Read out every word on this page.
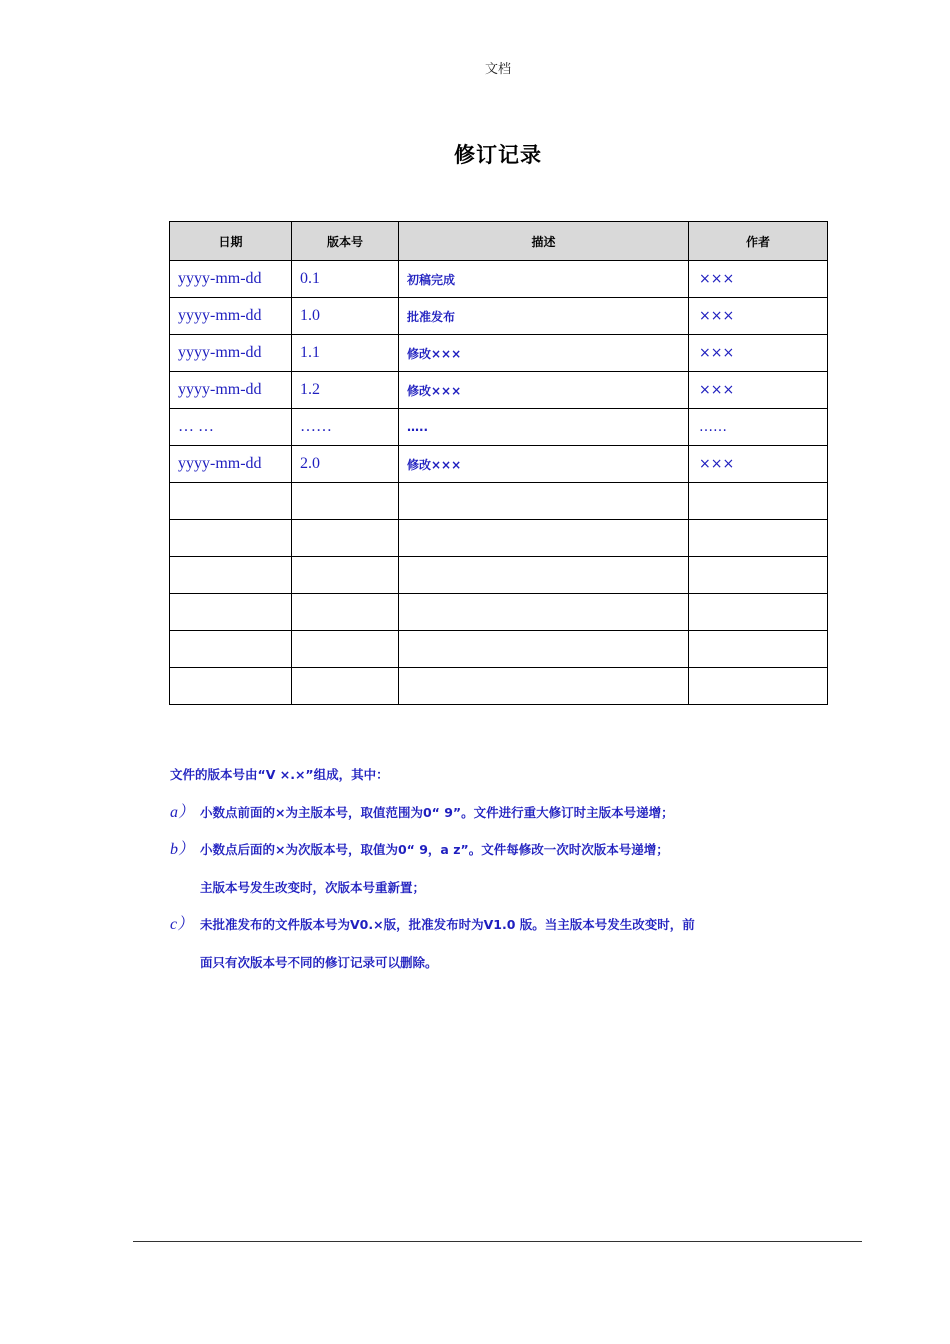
文档
修订记录
日期	版本号	描述	作者
yyyy-mm-dd	0.1	初稿完成	×××
yyyy-mm-dd	1.0	批准发布	×××
yyyy-mm-dd	1.1	修改×××	×××
yyyy-mm-dd	1.2	修改×××	×××
… …	……	…..	……
yyyy-mm-dd	2.0	修改×××	×××

文件的版本号由“V ×.×”组成，其中：
a） 小数点前面的×为主版本号，取值范围为0“ 9”。文件进行重大修订时主版本号递增；
b） 小数点后面的×为次版本号，取值为0“ 9，a z”。文件每修改一次时次版本号递增；
主版本号发生改变时，次版本号重新置；
c） 未批准发布的文件版本号为V0.×版，批准发布时为V1.0 版。当主版本号发生改变时，前
面只有次版本号不同的修订记录可以删除。
